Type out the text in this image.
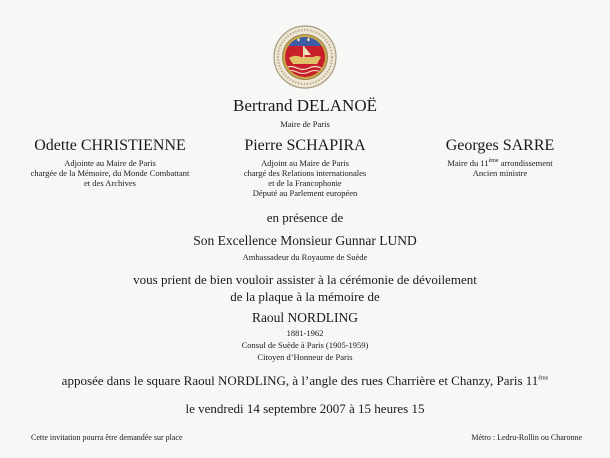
Bertrand DELANOË
Maire de Paris
Odette CHRISTIENNE
Adjointe au Maire de Paris
chargée de la Mémoire, du Monde Combattant
et des Archives
Pierre SCHAPIRA
Adjoint au Maire de Paris
chargé des Relations internationales
et de la Francophonie
Député au Parlement européen
Georges SARRE
Maire du 11ème arrondissement
Ancien ministre
en présence de
Son Excellence Monsieur Gunnar LUND
Ambassadeur du Royaume de Suède
vous prient de bien vouloir assister à la cérémonie de dévoilement
de la plaque à la mémoire de
Raoul NORDLING
1881-1962
Consul de Suède à Paris (1905-1959)
Citoyen d’Honneur de Paris
apposée dans le square Raoul NORDLING, à l’angle des rues Charrière et Chanzy, Paris 11ème
le vendredi 14 septembre 2007 à 15 heures 15
Cette invitation pourra être demandée sur place	Métro : Ledru-Rollin ou Charonne
